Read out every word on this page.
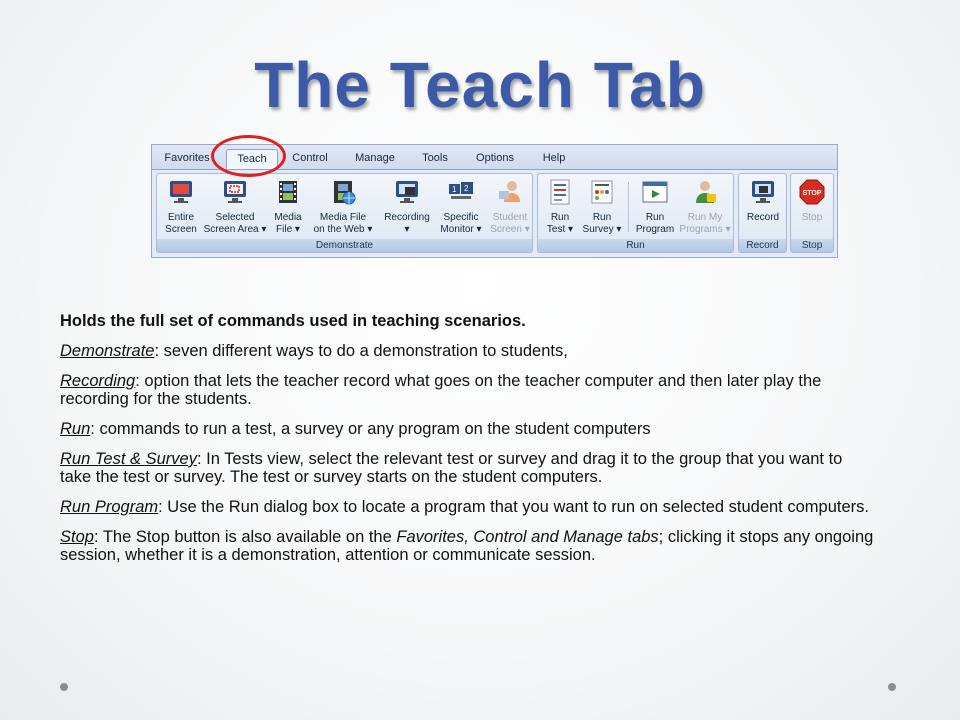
The Teach Tab
Favorites	Teach	Control	Manage	Tools	Options	Help
Entire
Screen
Selected
Screen Area ▾
Media
File ▾
Media File
on the Web ▾
Recording
▾
1 2
Specific
Monitor ▾
Student
Screen ▾
Demonstrate
Run
Test ▾
Run
Survey ▾
Run
Program
Run My
Programs ▾
Run
Record
Record
STOP
Stop
Stop

Holds the full set of commands used in teaching scenarios.

Demonstrate: seven different ways to do a demonstration to students,

Recording: option that lets the teacher record what goes on the teacher computer and then later play the recording for the students.

Run: commands to run a test, a survey or any program on the student computers

Run Test & Survey: In Tests view, select the relevant test or survey and drag it to the group that you want to take the test or survey. The test or survey starts on the student computers.

Run Program: Use the Run dialog box to locate a program that you want to run on selected student computers.

Stop: The Stop button is also available on the Favorites, Control and Manage tabs; clicking it stops any ongoing session, whether it is a demonstration, attention or communicate session.
